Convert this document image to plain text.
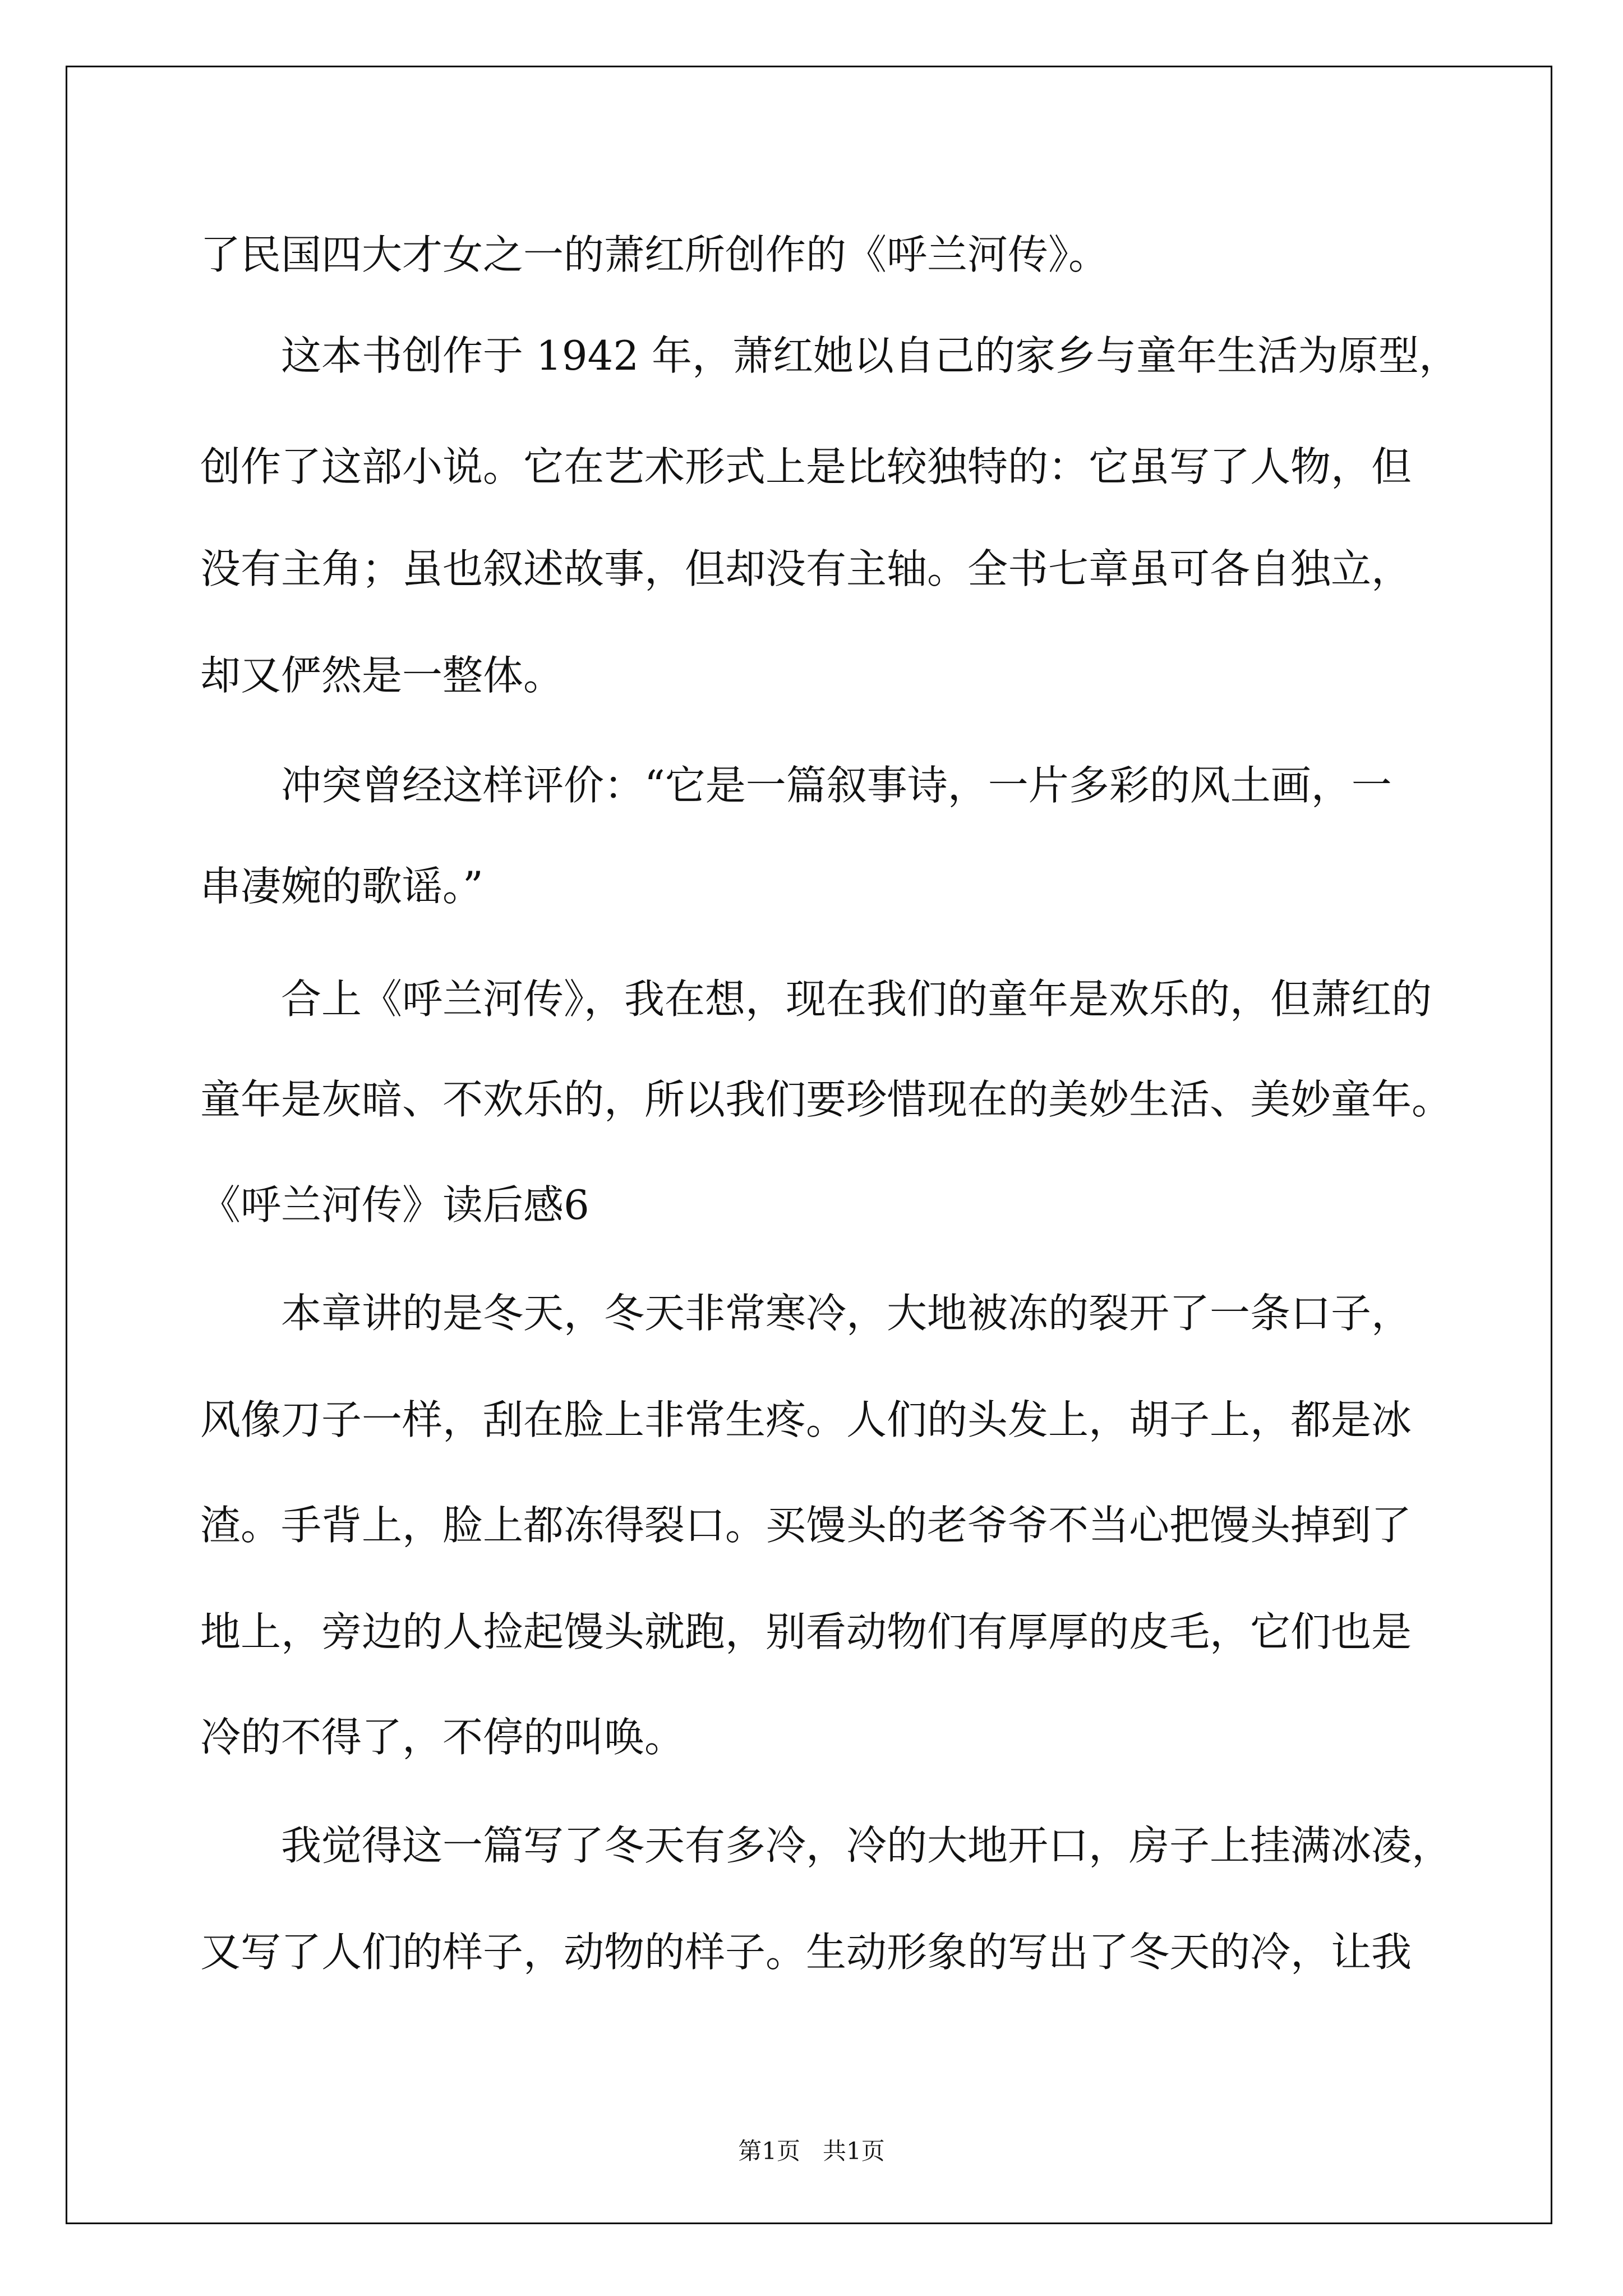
了民国四大才女之一的萧红所创作的《呼兰河传》。
这本书创作于 1942 年，萧红她以自己的家乡与童年生活为原型，
创作了这部小说。它在艺术形式上是比较独特的：它虽写了人物，但
没有主角；虽也叙述故事，但却没有主轴。全书七章虽可各自独立，
却又俨然是一整体。
冲突曾经这样评价：“它是一篇叙事诗，一片多彩的风土画，一
串凄婉的歌谣。”
合上《呼兰河传》，我在想，现在我们的童年是欢乐的，但萧红的
童年是灰暗、不欢乐的，所以我们要珍惜现在的美妙生活、美妙童年。
《呼兰河传》读后感6
本章讲的是冬天，冬天非常寒冷，大地被冻的裂开了一条口子，
风像刀子一样，刮在脸上非常生疼。人们的头发上，胡子上，都是冰
渣。手背上，脸上都冻得裂口。买馒头的老爷爷不当心把馒头掉到了
地上，旁边的人捡起馒头就跑，别看动物们有厚厚的皮毛，它们也是
冷的不得了，不停的叫唤。
我觉得这一篇写了冬天有多冷，冷的大地开口，房子上挂满冰凌，
又写了人们的样子，动物的样子。生动形象的写出了冬天的冷，让我
第1页   共1页
